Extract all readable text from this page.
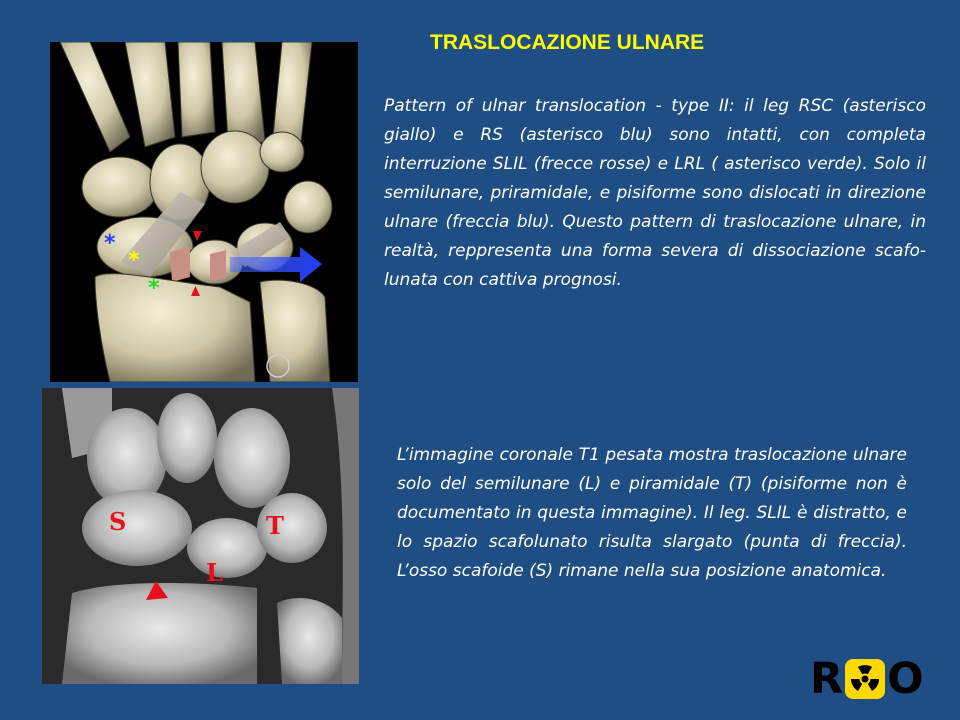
*
*
*
S	T
L
TRASLOCAZIONE ULNARE

Pattern of ulnar translocation - type II: il leg RSC (asterisco giallo) e RS (asterisco blu) sono intatti, con completa interruzione SLIL (frecce rosse) e LRL ( asterisco verde). Solo il semilunare, priramidale, e pisiforme sono dislocati in direzione ulnare (freccia blu). Questo pattern di traslocazione ulnare, in realtà, reppresenta una forma severa di dissociazione scafo-lunata con cattiva prognosi.

L’immagine coronale T1 pesata mostra traslocazione ulnare solo del semilunare (L) e piramidale (T) (pisiforme non è documentato in questa immagine). Il leg. SLIL è distratto, e lo spazio scafolunato risulta slargato (punta di freccia). L’osso scafoide (S) rimane nella sua posizione anatomica.

R O
